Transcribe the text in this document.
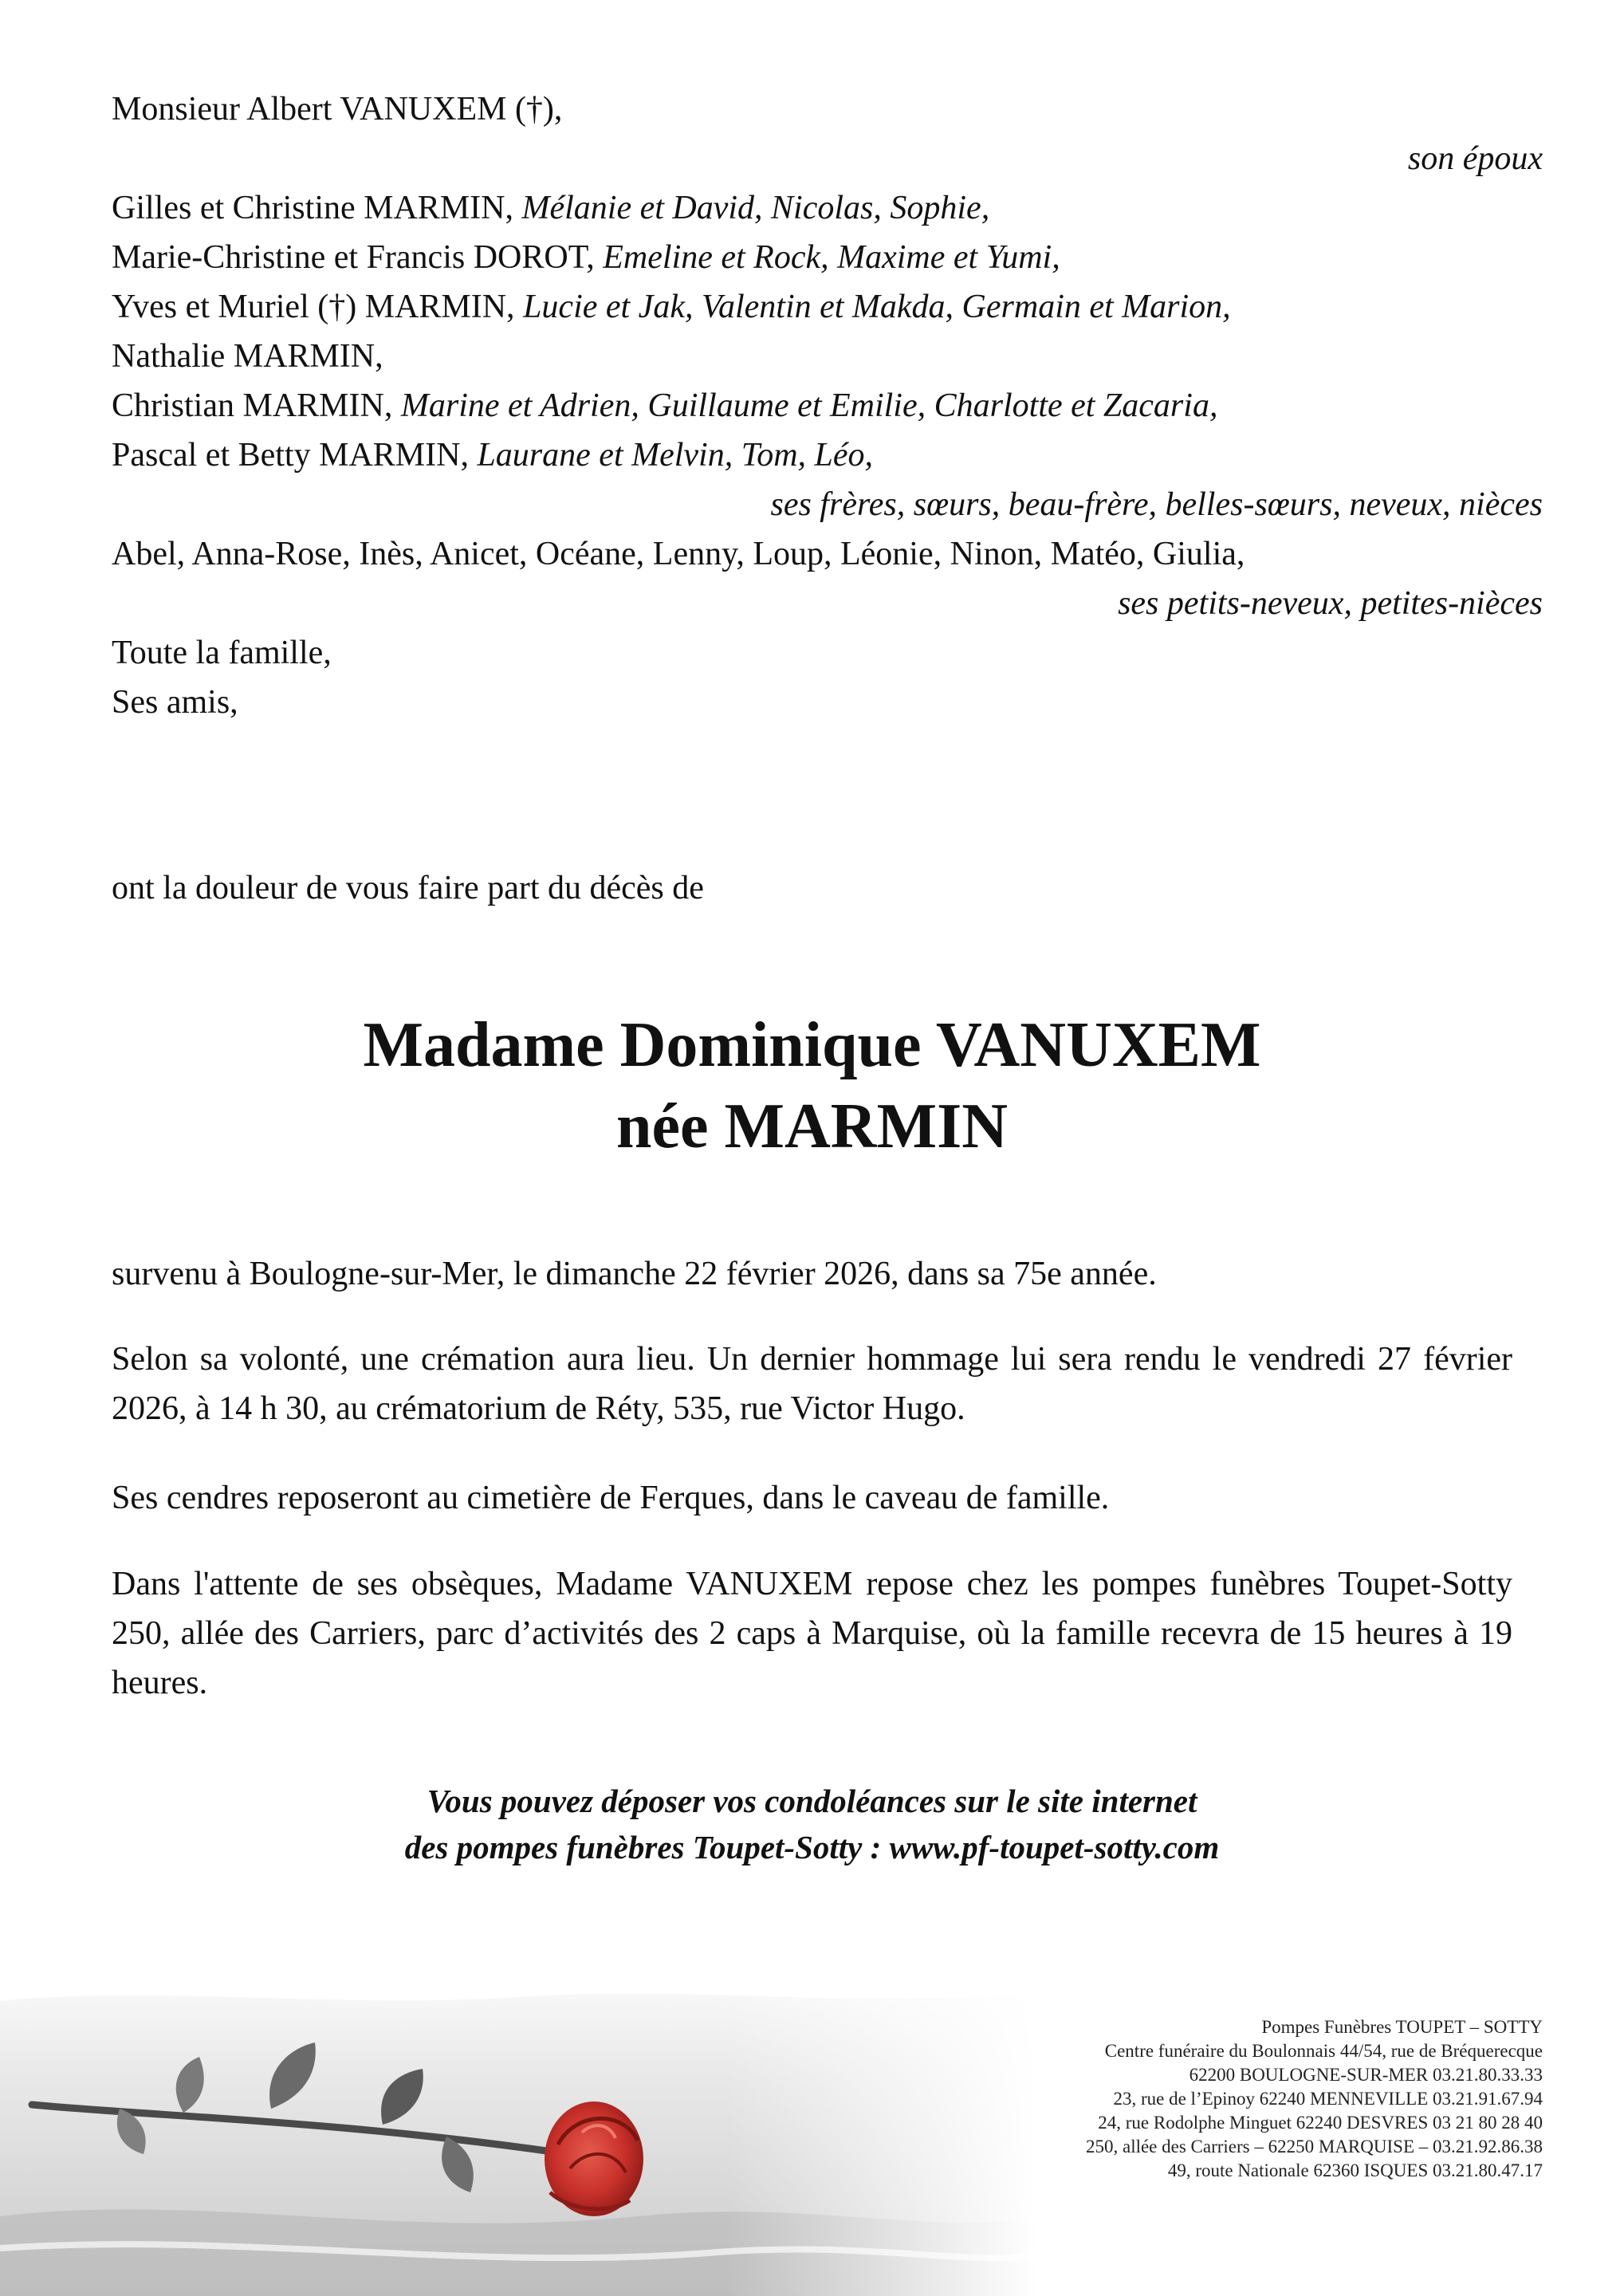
Monsieur Albert VANUXEM (†),
son époux
Gilles et Christine MARMIN, Mélanie et David, Nicolas, Sophie,
Marie-Christine et Francis DOROT, Emeline et Rock, Maxime et Yumi,
Yves et Muriel (†) MARMIN, Lucie et Jak, Valentin et Makda, Germain et Marion,
Nathalie MARMIN,
Christian MARMIN, Marine et Adrien, Guillaume et Emilie, Charlotte et Zacaria,
Pascal et Betty MARMIN, Laurane et Melvin, Tom, Léo,
ses frères, sœurs, beau-frère, belles-sœurs, neveux, nièces
Abel, Anna-Rose, Inès, Anicet, Océane, Lenny, Loup, Léonie, Ninon, Matéo, Giulia,
ses petits-neveux, petites-nièces
Toute la famille,
Ses amis,
ont la douleur de vous faire part du décès de
Madame Dominique VANUXEM
née MARMIN
survenu à Boulogne-sur-Mer, le dimanche 22 février 2026, dans sa 75e année.
Selon sa volonté, une crémation aura lieu. Un dernier hommage lui sera rendu le vendredi 27 février 2026, à 14 h 30, au crématorium de Réty, 535, rue Victor Hugo.
Ses cendres reposeront au cimetière de Ferques, dans le caveau de famille.
Dans l'attente de ses obsèques, Madame VANUXEM repose chez les pompes funèbres Toupet-Sotty 250, allée des Carriers, parc d’activités des 2 caps à Marquise, où la famille recevra de 15 heures à 19 heures.
Vous pouvez déposer vos condoléances sur le site internet
des pompes funèbres Toupet-Sotty : www.pf-toupet-sotty.com
Pompes Funèbres TOUPET – SOTTY
Centre funéraire du Boulonnais 44/54, rue de Bréquerecque
62200 BOULOGNE-SUR-MER 03.21.80.33.33
23, rue de l’Epinoy 62240 MENNEVILLE 03.21.91.67.94
24, rue Rodolphe Minguet 62240 DESVRES 03 21 80 28 40
250, allée des Carriers – 62250 MARQUISE – 03.21.92.86.38
49, route Nationale 62360 ISQUES 03.21.80.47.17
